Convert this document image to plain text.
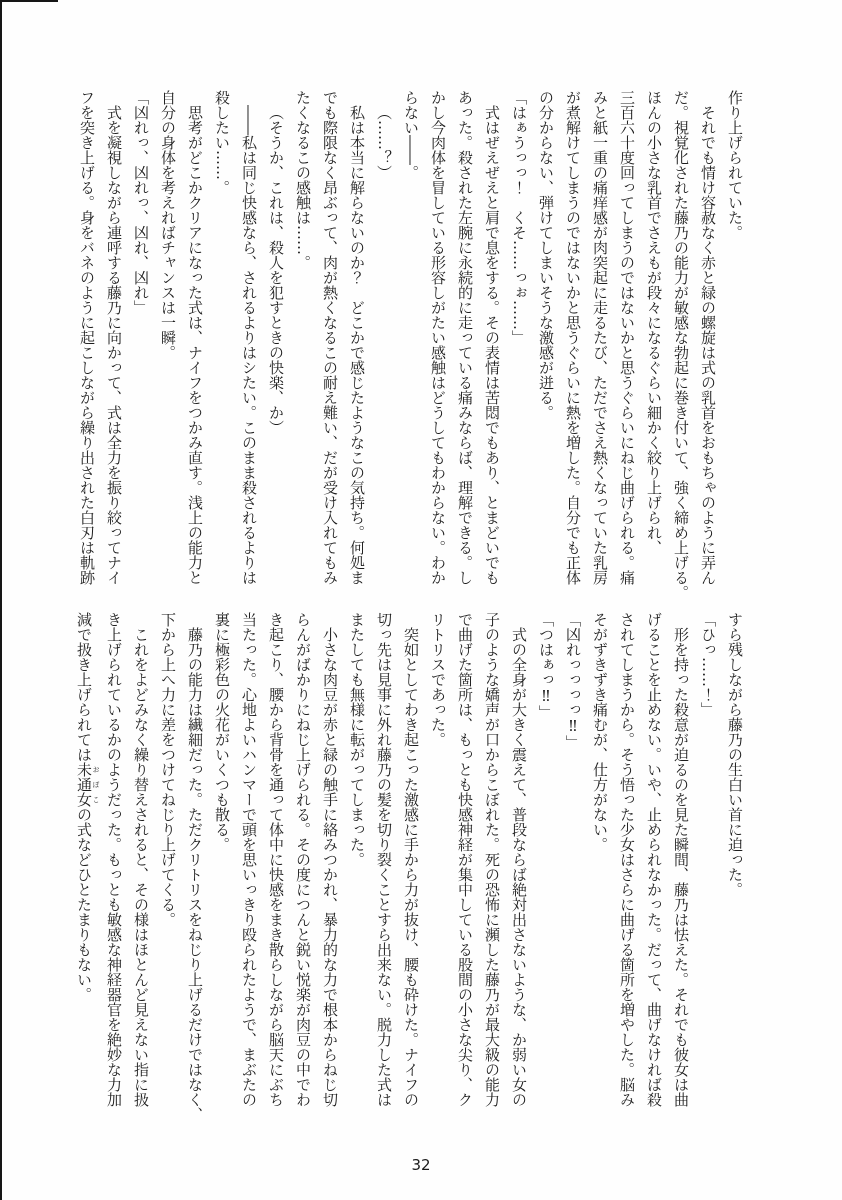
作り上げられていた。

それでも情け容赦なく赤と緑の螺旋は式の乳首をおもちゃのように弄ん

だ。視覚化された藤乃の能力が敏感な勃起に巻き付いて、強く締め上げる。

ほんの小さな乳首でさえもが段々になるぐらい細かく絞り上げられ、

三百六十度回ってしまうのではないかと思うぐらいにねじ曲げられる。痛

みと紙一重の痛痒感が肉突起に走るたび、ただでさえ熱くなっていた乳房

が煮解けてしまうのではないかと思うぐらいに熱を増した。自分でも正体

の分からない、弾けてしまいそうな激感が迸る。

「はぁうっっ！　くそ……っぉ……」

式はぜえぜえと肩で息をする。その表情は苦悶でもあり、とまどいでも

あった。殺された左腕に永続的に走っている痛みならば、理解できる。し

かし今肉体を冒している形容しがたい感触はどうしてもわからない。わか

らない――。

（……？）

私は本当に解らないのか？　どこかで感じたようなこの気持ち。何処ま

でも際限なく昂ぶって、肉が熱くなるこの耐え難い、だが受け入れてもみ

たくなるこの感触は……。

（そうか、これは、殺人を犯すときの快楽、か）

――私は同じ快感なら、されるよりはシたい。このまま殺されるよりは

殺したい……。

思考がどこかクリアになった式は、ナイフをつかみ直す。浅上の能力と

自分の身体を考えればチャンスは一瞬。

「凶れっ、凶れっ、凶れ、凶れ」

式を凝視しながら連呼する藤乃に向かって、式は全力を振り絞ってナイ

フを突き上げる。身をバネのように起こしながら繰り出された白刃は軌跡

すら残しながら藤乃の生白い首に迫った。

「ひっ……！」

形を持った殺意が迫るのを見た瞬間、藤乃は怯えた。それでも彼女は曲

げることを止めない。いや、止められなかった。だって、曲げなければ殺

されてしまうから。そう悟った少女はさらに曲げる箇所を増やした。脳み

そがずきずき痛むが、仕方がない。

「凶れっっっっ‼」

「つはぁっ‼」

式の全身が大きく震えて、普段ならば絶対出さないような、か弱い女の

子のような嬌声が口からこぼれた。死の恐怖に瀕した藤乃が最大級の能力

で曲げた箇所は、もっとも快感神経が集中している股間の小さな尖り、ク

リトリスであった。

突如としてわき起こった激感に手から力が抜け、腰も砕けた。ナイフの

切っ先は見事に外れ藤乃の髪を切り裂くことすら出来ない。脱力した式は

またしても無様に転がってしまった。

小さな肉豆が赤と緑の触手に絡みつかれ、暴力的な力で根本からねじ切

らんがばかりにねじ上げられる。その度につんと鋭い悦楽が肉豆の中でわ

き起こり、腰から背骨を通って体中に快感をまき散らしながら脳天にぶち

当たった。心地よいハンマーで頭を思いっきり殴られたようで、まぶたの

裏に極彩色の火花がいくつも散る。

藤乃の能力は繊細だった。ただクリトリスをねじり上げるだけではなく、

下から上へ力に差をつけてねじり上げてくる。

これをよどみなく繰り替えされると、その様はほとんど見えない指に扱

き上げられているかのようだった。もっとも敏感な神経器官を絶妙な力加

減で扱き上げられては未通女 おぼこの式などひとたまりもない。

32
